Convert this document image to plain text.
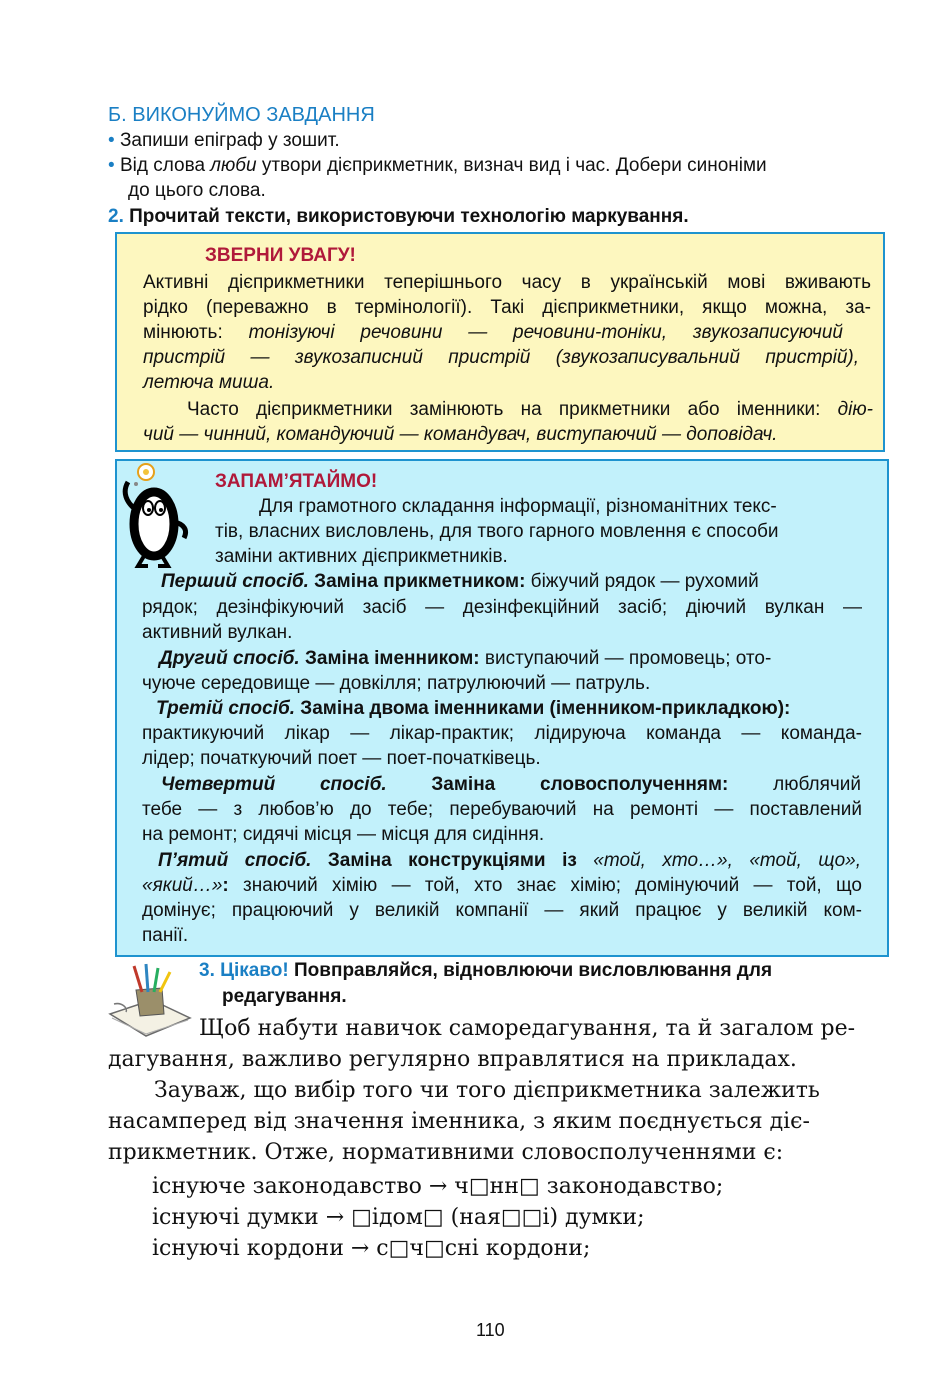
Б. ВИКОНУЙМО ЗАВДАННЯ
• Запиши епіграф у зошит.
• Від слова люби утвори дієприкметник, визнач вид і час. Добери синоніми
до цього слова.
2. Прочитай тексти, використовуючи технологію маркування.
ЗВЕРНИ УВАГУ!
Активні дієприкметники теперішнього часу в українській мові вживають
рідко (переважно в термінології). Такі дієприкметники, якщо можна, за-
мінюють: тонізуючі речовини — речовини-тоніки, звукозаписуючий
пристрій — звукозаписний пристрій (звукозаписувальний пристрій),
летюча миша.
Часто дієприкметники замінюють на прикметники або іменники: дію-
чий — чинний, командуючий — командувач, виступаючий — доповідач.
ЗАПАМ’ЯТАЙМО!
Для грамотного складання інформації, різноманітних текс-
тів, власних висловлень, для твого гарного мовлення є способи
заміни активних дієприкметників.
Перший спосіб. Заміна прикметником: біжучий рядок — рухомий
рядок; дезінфікуючий засіб — дезінфекційний засіб; діючий вулкан —
активний вулкан.
Другий спосіб. Заміна іменником: виступаючий — промовець; ото-
чуюче середовище — довкілля; патрулюючий — патруль.
Третій спосіб. Заміна двома іменниками (іменником-прикладкою):
практикуючий лікар — лікар-практик; лідируюча команда — команда-
лідер; початкуючий поет — поет-початківець.
Четвертий спосіб. Заміна словосполученням: люблячий
тебе — з любов’ю до тебе; перебуваючий на ремонті — поставлений
на ремонт; сидячі місця — місця для сидіння.
П’ятий спосіб. Заміна конструкціями із «той, хто…», «той, що»,
«який…»: знаючий хімію — той, хто знає хімію; домінуючий — той, що
домінує; працюючий у великій компанії — який працює у великій ком-
панії.
3. Цікаво! Повправляйся, відновлюючи висловлювання для
редагування.
Щоб набути навичок саморедагування, та й загалом ре-
дагування, важливо регулярно вправлятися на прикладах.
Зауваж, що вибір того чи того дієприкметника залежить
насамперед від значення іменника, з яким поєднується діє-
прикметник. Отже, нормативними словосполученнями є:
існуюче законодавство → ч□нн□ законодавство;
існуючі думки → □ідом□ (ная□□і) думки;
існуючі кордони → с□ч□сні кордони;
110
